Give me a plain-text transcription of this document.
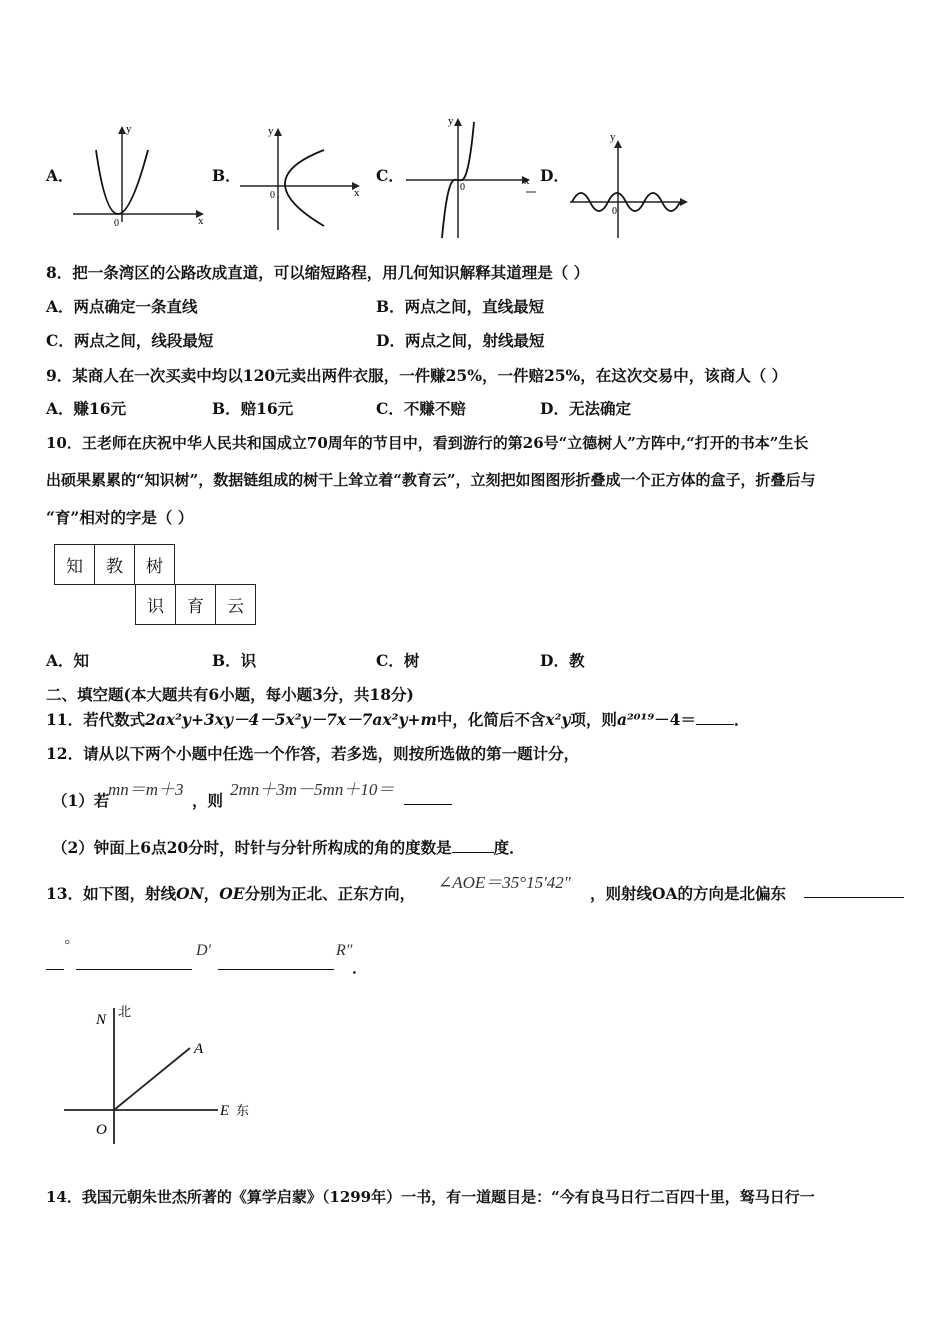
A．
x
y
0
B．
x
y
0
C．	x
y
0
D．
y
0
8．把一条湾区的公路改成直道，可以缩短路程，用几何知识解释其道理是（ ）
A．两点确定一条直线	B．两点之间，直线最短
C．两点之间，线段最短	D．两点之间，射线最短
9．某商人在一次买卖中均以120元卖出两件衣服，一件赚25%，一件赔25%，在这次交易中，该商人（ ）
A．赚16元	B．赔16元	C．不赚不赔	D．无法确定
10．王老师在庆祝中华人民共和国成立70周年的节目中，看到游行的第26号“立德树人”方阵中,“打开的书本”生长
出硕果累累的“知识树”，数据链组成的树干上耸立着“教育云”，立刻把如图图形折叠成一个正方体的盒子，折叠后与
“育”相对的字是（ ）
知	教	树
识	育	云
A．知	B．识	C．树	D．教
二、填空题(本大题共有6小题，每小题3分，共18分)
11．若代数式2ax²y+3xy－4－5x²y－7x－7ax²y+m中，化简后不含x²y项，则a²⁰¹⁹－4＝ ．
12．请从以下两个小题中任选一个作答，若多选，则按所选做的第一题计分，
（1）若
mn＝m＋3
，则
2mn＋3m－5mn＋10＝
（2）钟面上6点20分时，时针与分针所构成的角的度数是	度．
13．如下图，射线ON，OE分别为正北、正东方向，
∠AOE＝35°15′42″
，则射线OA的方向是北偏东
°	D′	R″
．
N
北
A
E 东
O
14．我国元朝朱世杰所著的《算学启蒙》（1299年）一书，有一道题目是：“今有良马日行二百四十里，驽马日行一
